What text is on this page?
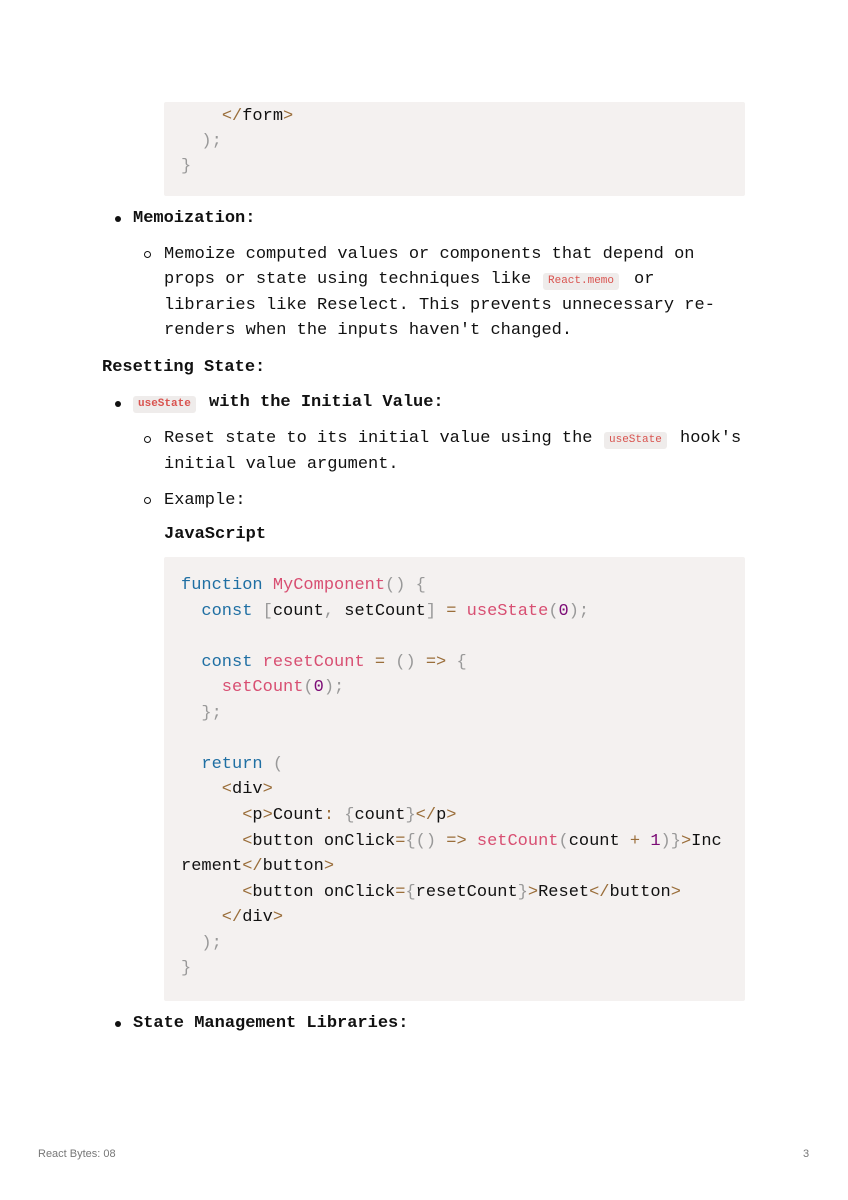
</form>
);
}
Memoization:
Memoize computed values or components that depend on
props or state using techniques like	React.memo or
libraries like Reselect. This prevents unnecessary re-
renders when the inputs haven't changed.
Resetting State:
useState with the Initial Value:
Reset state to its initial value using the	useState hook's
initial value argument.
Example:
JavaScript
function MyComponent() {
const [count, setCount] = useState(0);
const resetCount = () => {
setCount(0);
};
return (
<div>
<p>Count: {count}</p>
<button onClick={() => setCount(count + 1)}>Inc
rement</button>
<button onClick={resetCount}>Reset</button>
</div>
);
}
State Management Libraries:
React Bytes: 08	3
